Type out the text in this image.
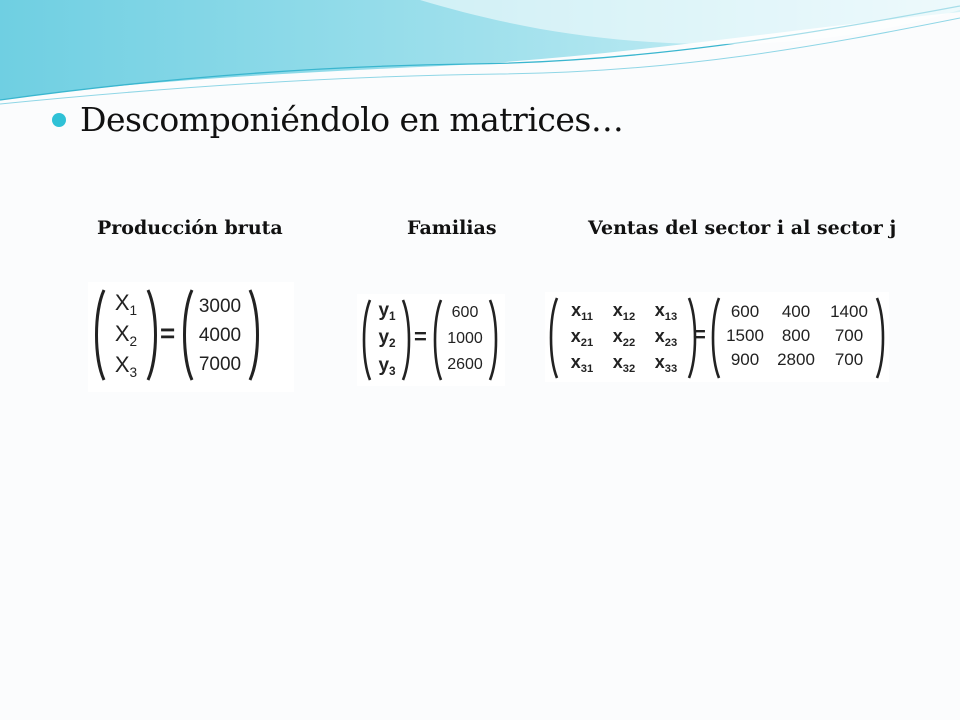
Descomponiéndolo en matrices…
Producción bruta	Familias	Ventas del sector i al sector j
$X_1$
$X_2$
$X_3$
=
3000
4000
7000
$y_1$
$y_2$
$y_3$
=
600
1000
2600
$x_{11}$	$x_{12}$	$x_{13}$
$x_{21}$	$x_{22}$	$x_{23}$
$x_{31}$	$x_{32}$	$x_{33}$
=
600	400	1400
1500	800	700
900	2800	700
